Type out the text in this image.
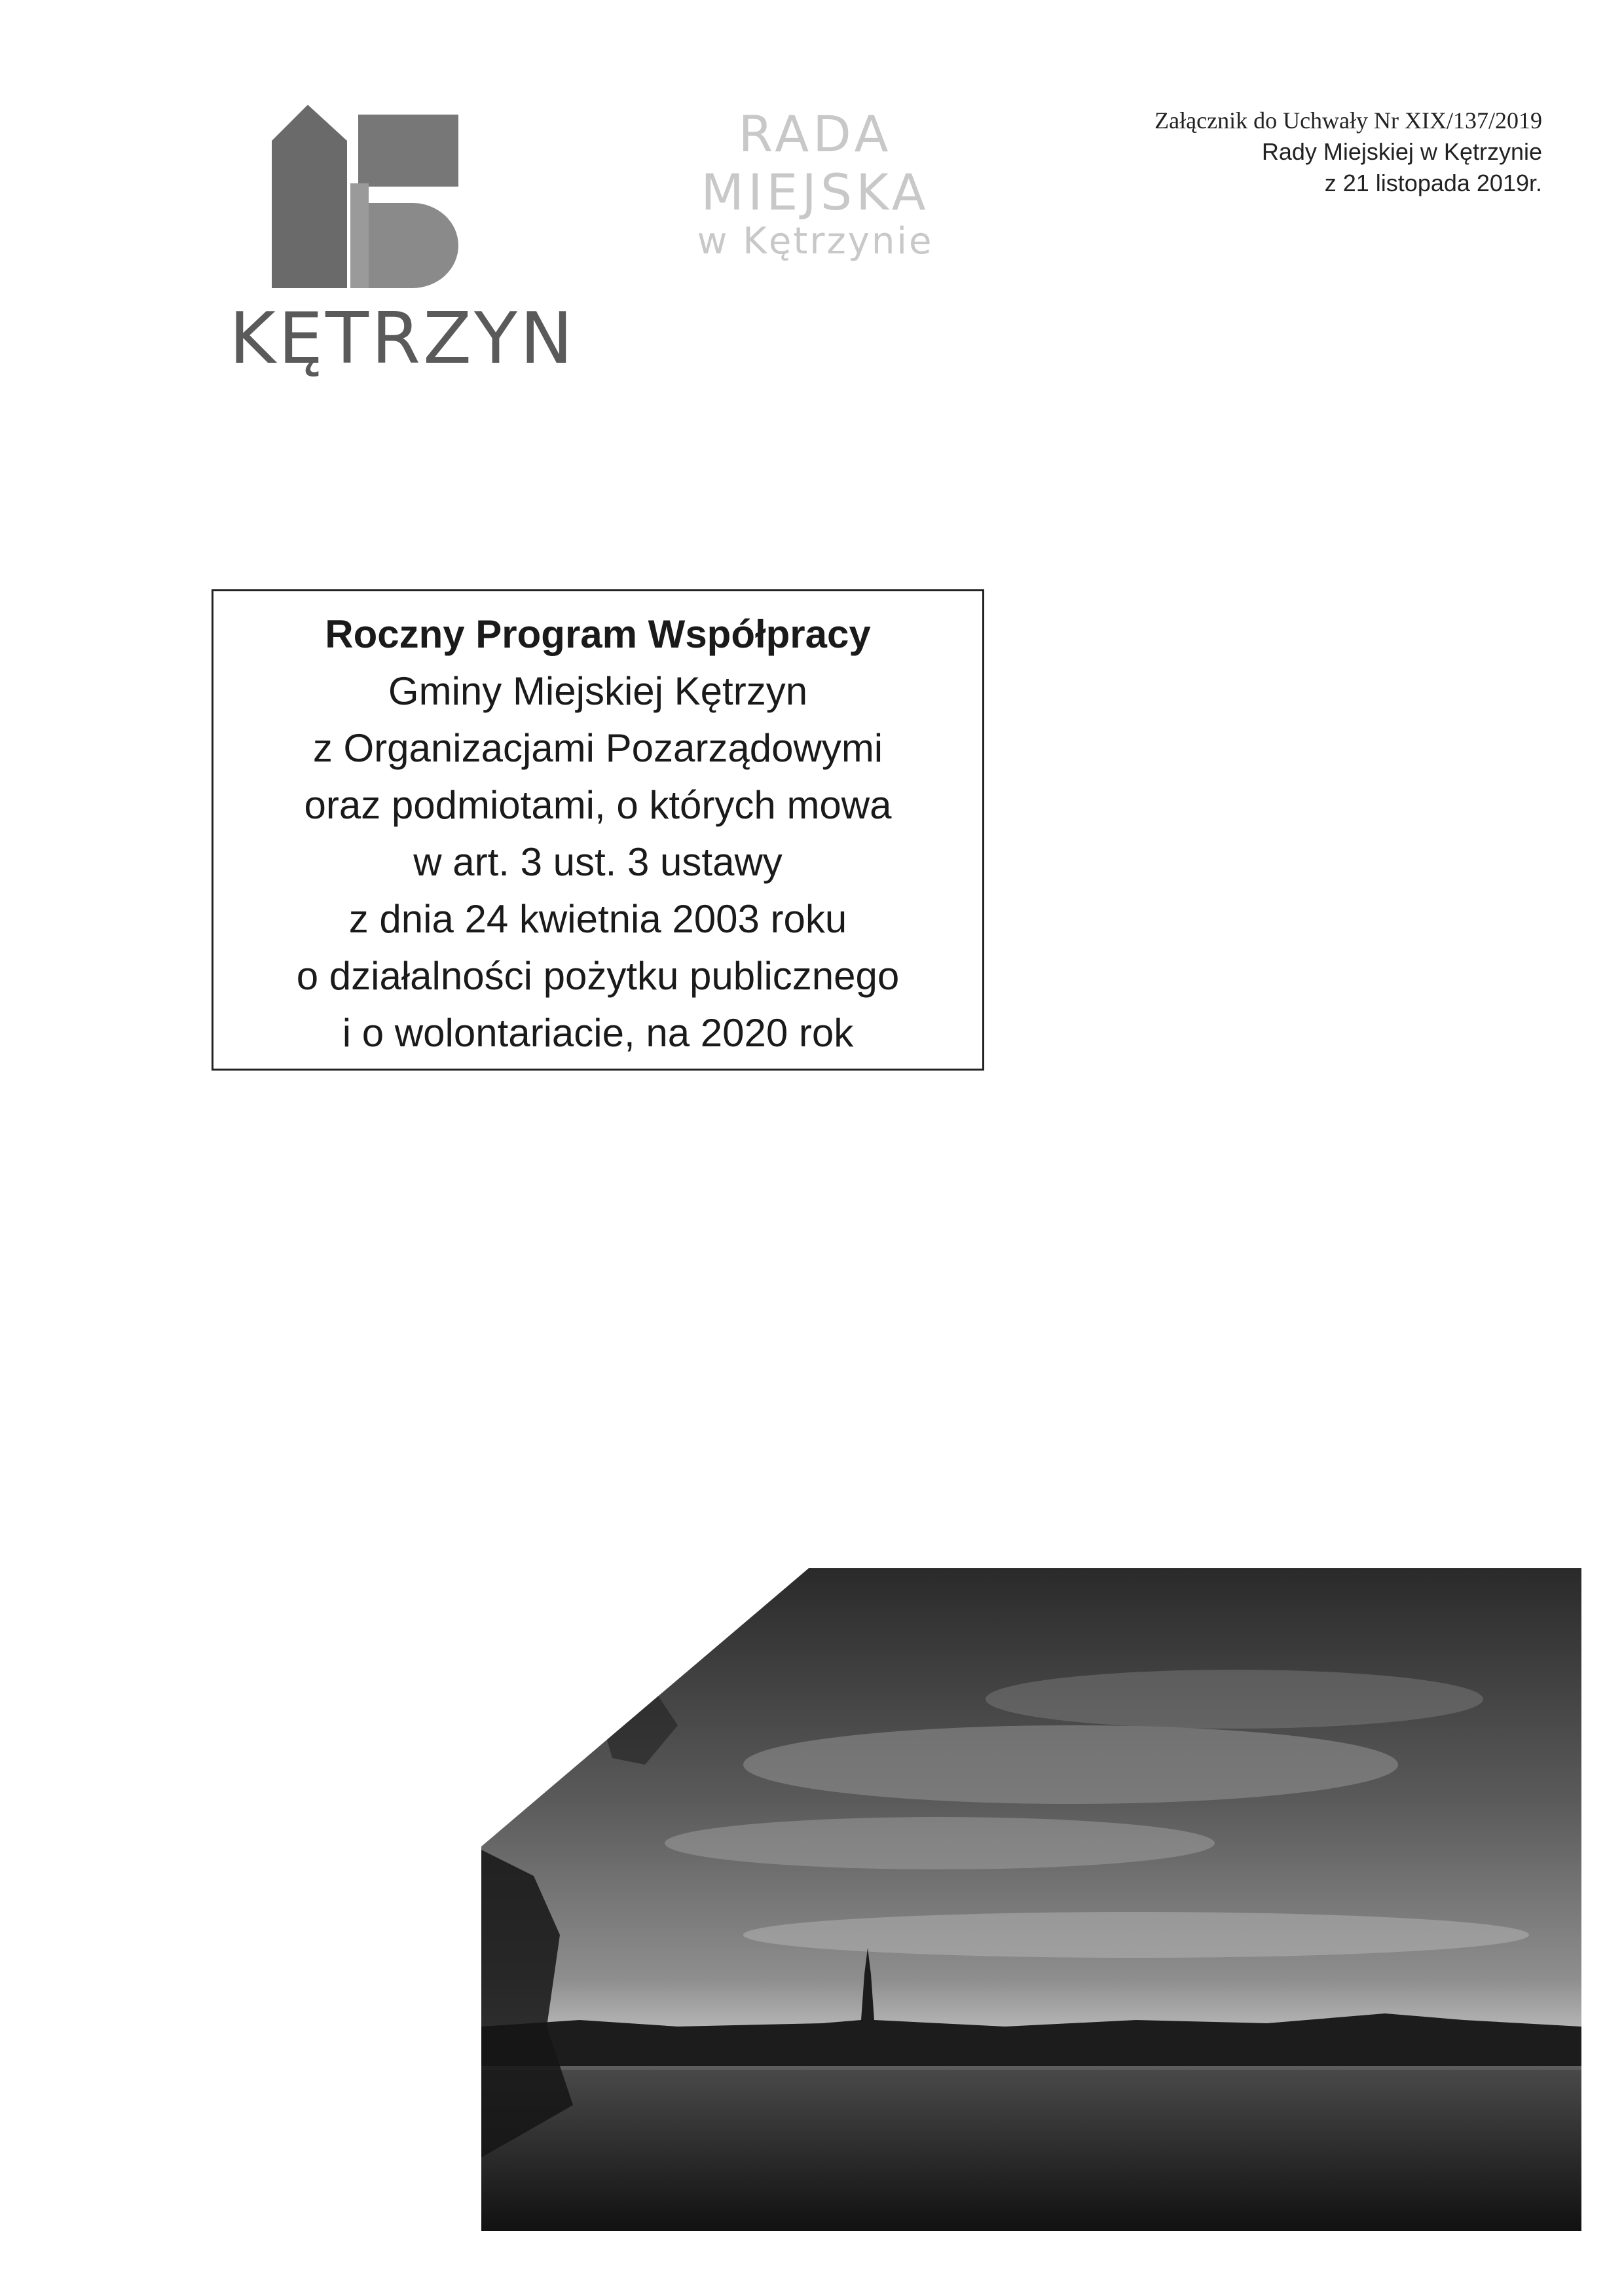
KĘTRZYN
RADA MIEJSKA
w Kętrzynie
Załącznik do Uchwały Nr XIX/137/2019
Rady Miejskiej w Kętrzynie
z 21 listopada 2019r.

Roczny Program Współpracy

Gminy Miejskiej Kętrzyn

z Organizacjami Pozarządowymi

oraz podmiotami, o których mowa

w art. 3 ust. 3 ustawy

z dnia 24 kwietnia 2003 roku

o działalności pożytku publicznego

i o wolontariacie, na 2020 rok
